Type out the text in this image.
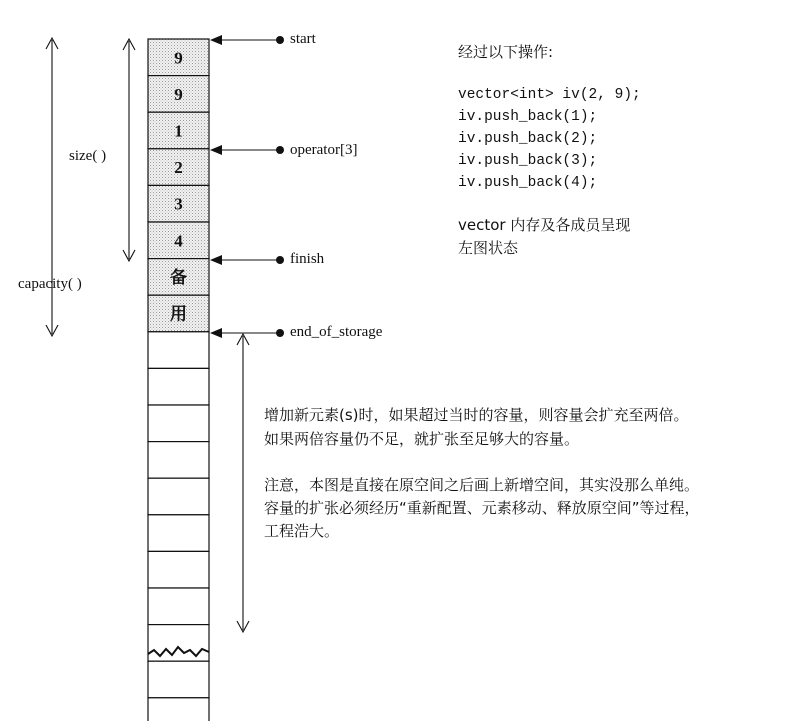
9
9
1
2
3
4
备
用
start
operator[3]
finish
end_of_storage
size( )
capacity( )
经过以下操作:
vector<int> iv(2, 9);
iv.push_back(1);
iv.push_back(2);
iv.push_back(3);
iv.push_back(4);
vector 内存及各成员呈现
左图状态
增加新元素(s)时，如果超过当时的容量，则容量会扩充至两倍。
如果两倍容量仍不足，就扩张至足够大的容量。
注意，本图是直接在原空间之后画上新增空间，其实没那么单纯。
容量的扩张必须经历“重新配置、元素移动、释放原空间”等过程，
工程浩大。
